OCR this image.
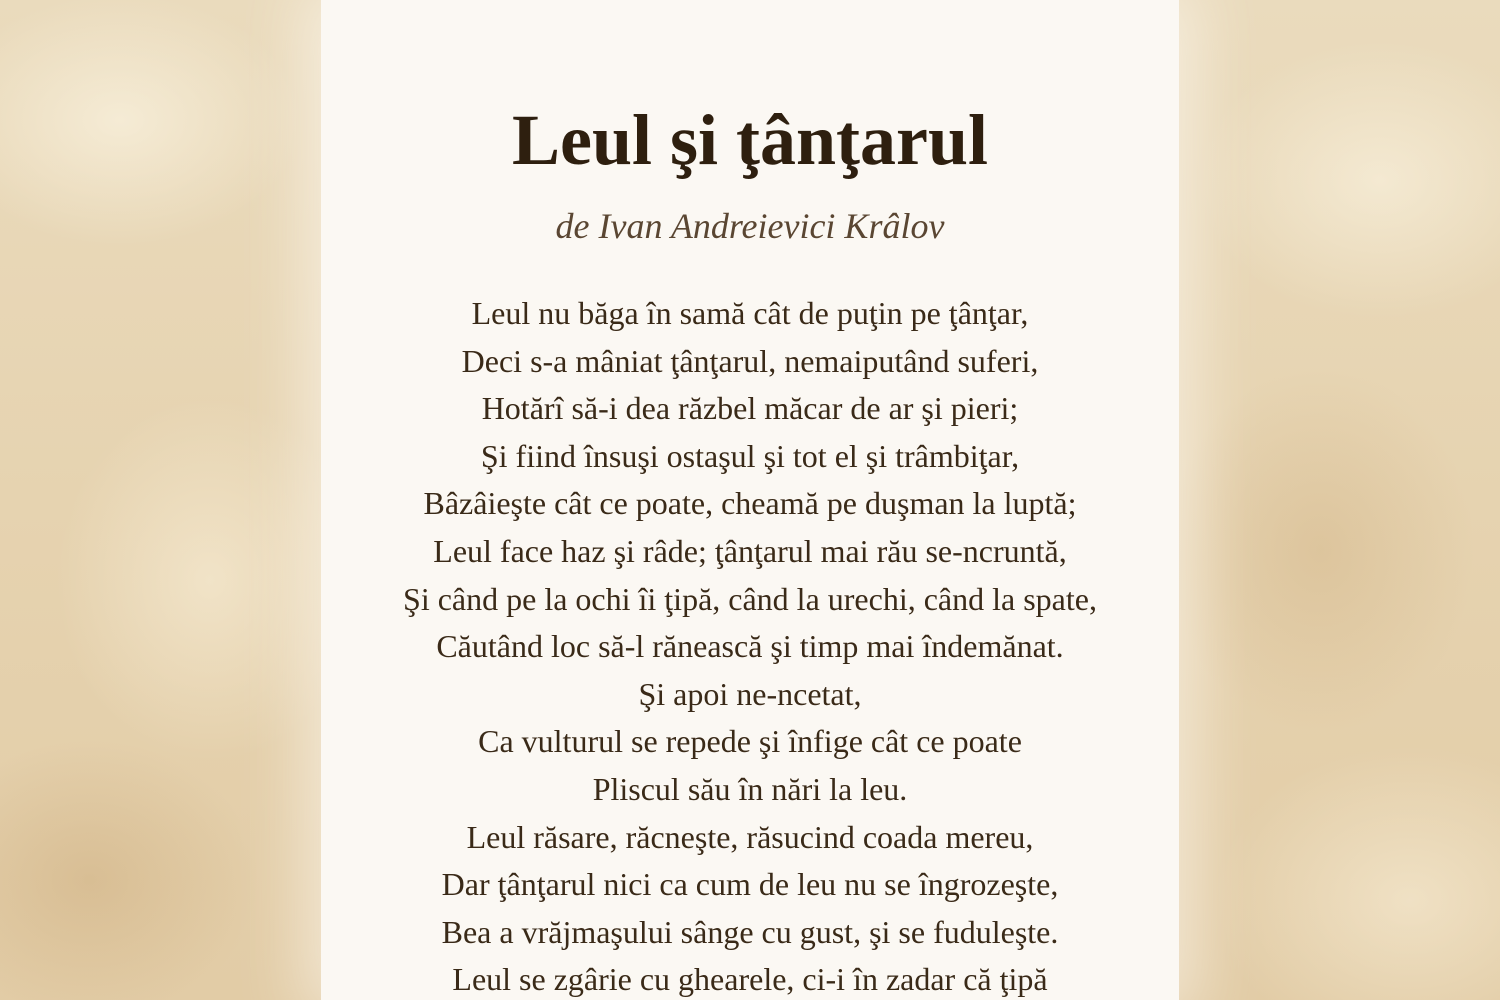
Leul şi ţânţarul
de Ivan Andreievici Krâlov
Leul nu băga în samă cât de puţin pe ţânţar,
Deci s-a mâniat ţânţarul, nemaiputând suferi,
Hotărî să-i dea răzbel măcar de ar şi pieri;
Şi fiind însuşi ostaşul şi tot el şi trâmbiţar,
Bâzâieşte cât ce poate, cheamă pe duşman la luptă;
Leul face haz şi râde; ţânţarul mai rău se-ncruntă,
Şi când pe la ochi îi ţipă, când la urechi, când la spate,
Căutând loc să-l rănească şi timp mai îndemănat.
Şi apoi ne-ncetat,
Ca vulturul se repede şi înfige cât ce poate
Pliscul său în nări la leu.
Leul răsare, răcneşte, răsucind coada mereu,
Dar ţânţarul nici ca cum de leu nu se îngrozeşte,
Bea a vrăjmaşului sânge cu gust, şi se fuduleşte.
Leul se zgârie cu ghearele, ci-i în zadar că ţipă
